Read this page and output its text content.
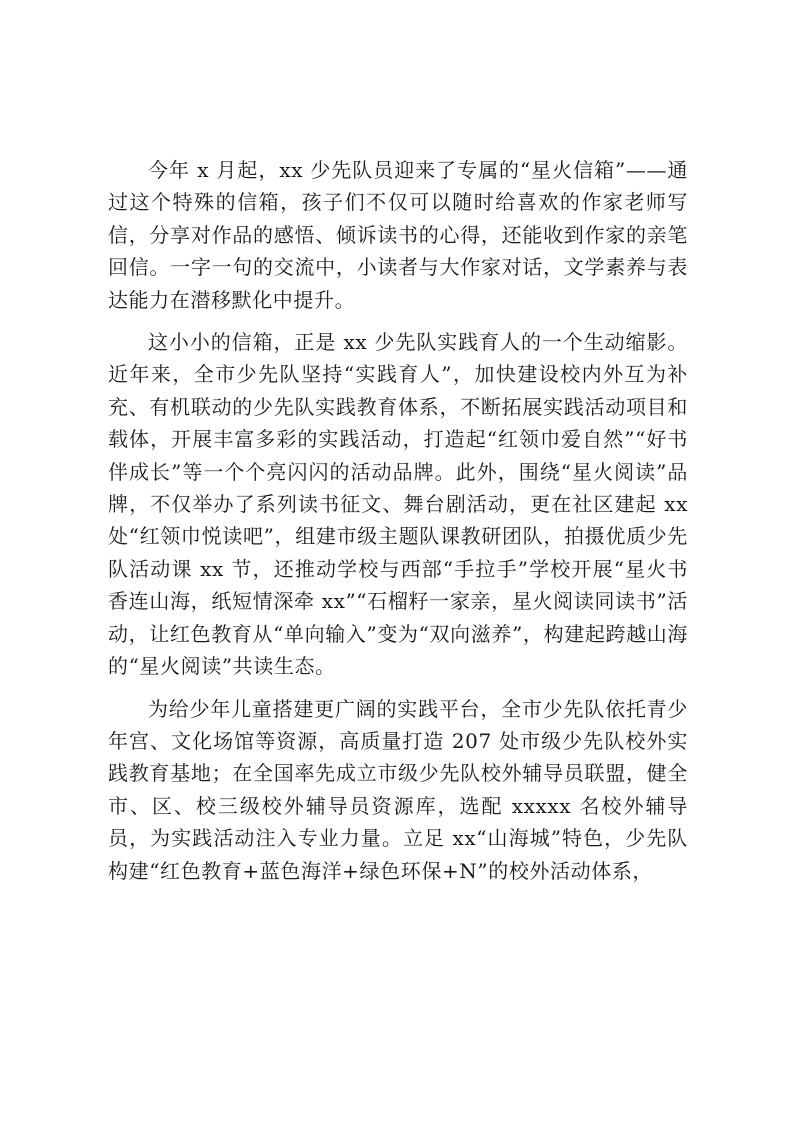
今年 x 月起，xx 少先队员迎来了专属的“星火信箱”——通过这个特殊的信箱，孩子们不仅可以随时给喜欢的作家老师写信，分享对作品的感悟、倾诉读书的心得，还能收到作家的亲笔回信。一字一句的交流中，小读者与大作家对话，文学素养与表达能力在潜移默化中提升。

这小小的信箱，正是 xx 少先队实践育人的一个生动缩影。近年来，全市少先队坚持“实践育人”，加快建设校内外互为补充、有机联动的少先队实践教育体系，不断拓展实践活动项目和载体，开展丰富多彩的实践活动，打造起“红领巾爱自然”“好书伴成长”等一个个亮闪闪的活动品牌。此外，围绕“星火阅读”品牌，不仅举办了系列读书征文、舞台剧活动，更在社区建起 xx 处“红领巾悦读吧”，组建市级主题队课教研团队，拍摄优质少先队活动课 xx 节，还推动学校与西部“手拉手”学校开展“星火书香连山海，纸短情深牵 xx”“石榴籽一家亲，星火阅读同读书”活动，让红色教育从“单向输入”变为“双向滋养”，构建起跨越山海的“星火阅读”共读生态。

为给少年儿童搭建更广阔的实践平台，全市少先队依托青少年宫、文化场馆等资源，高质量打造 207 处市级少先队校外实践教育基地；在全国率先成立市级少先队校外辅导员联盟，健全市、区、校三级校外辅导员资源库，选配 xxxxx 名校外辅导员，为实践活动注入专业力量。立足 xx“山海城”特色，少先队构建“红色教育+蓝色海洋+绿色环保+N”的校外活动体系，
